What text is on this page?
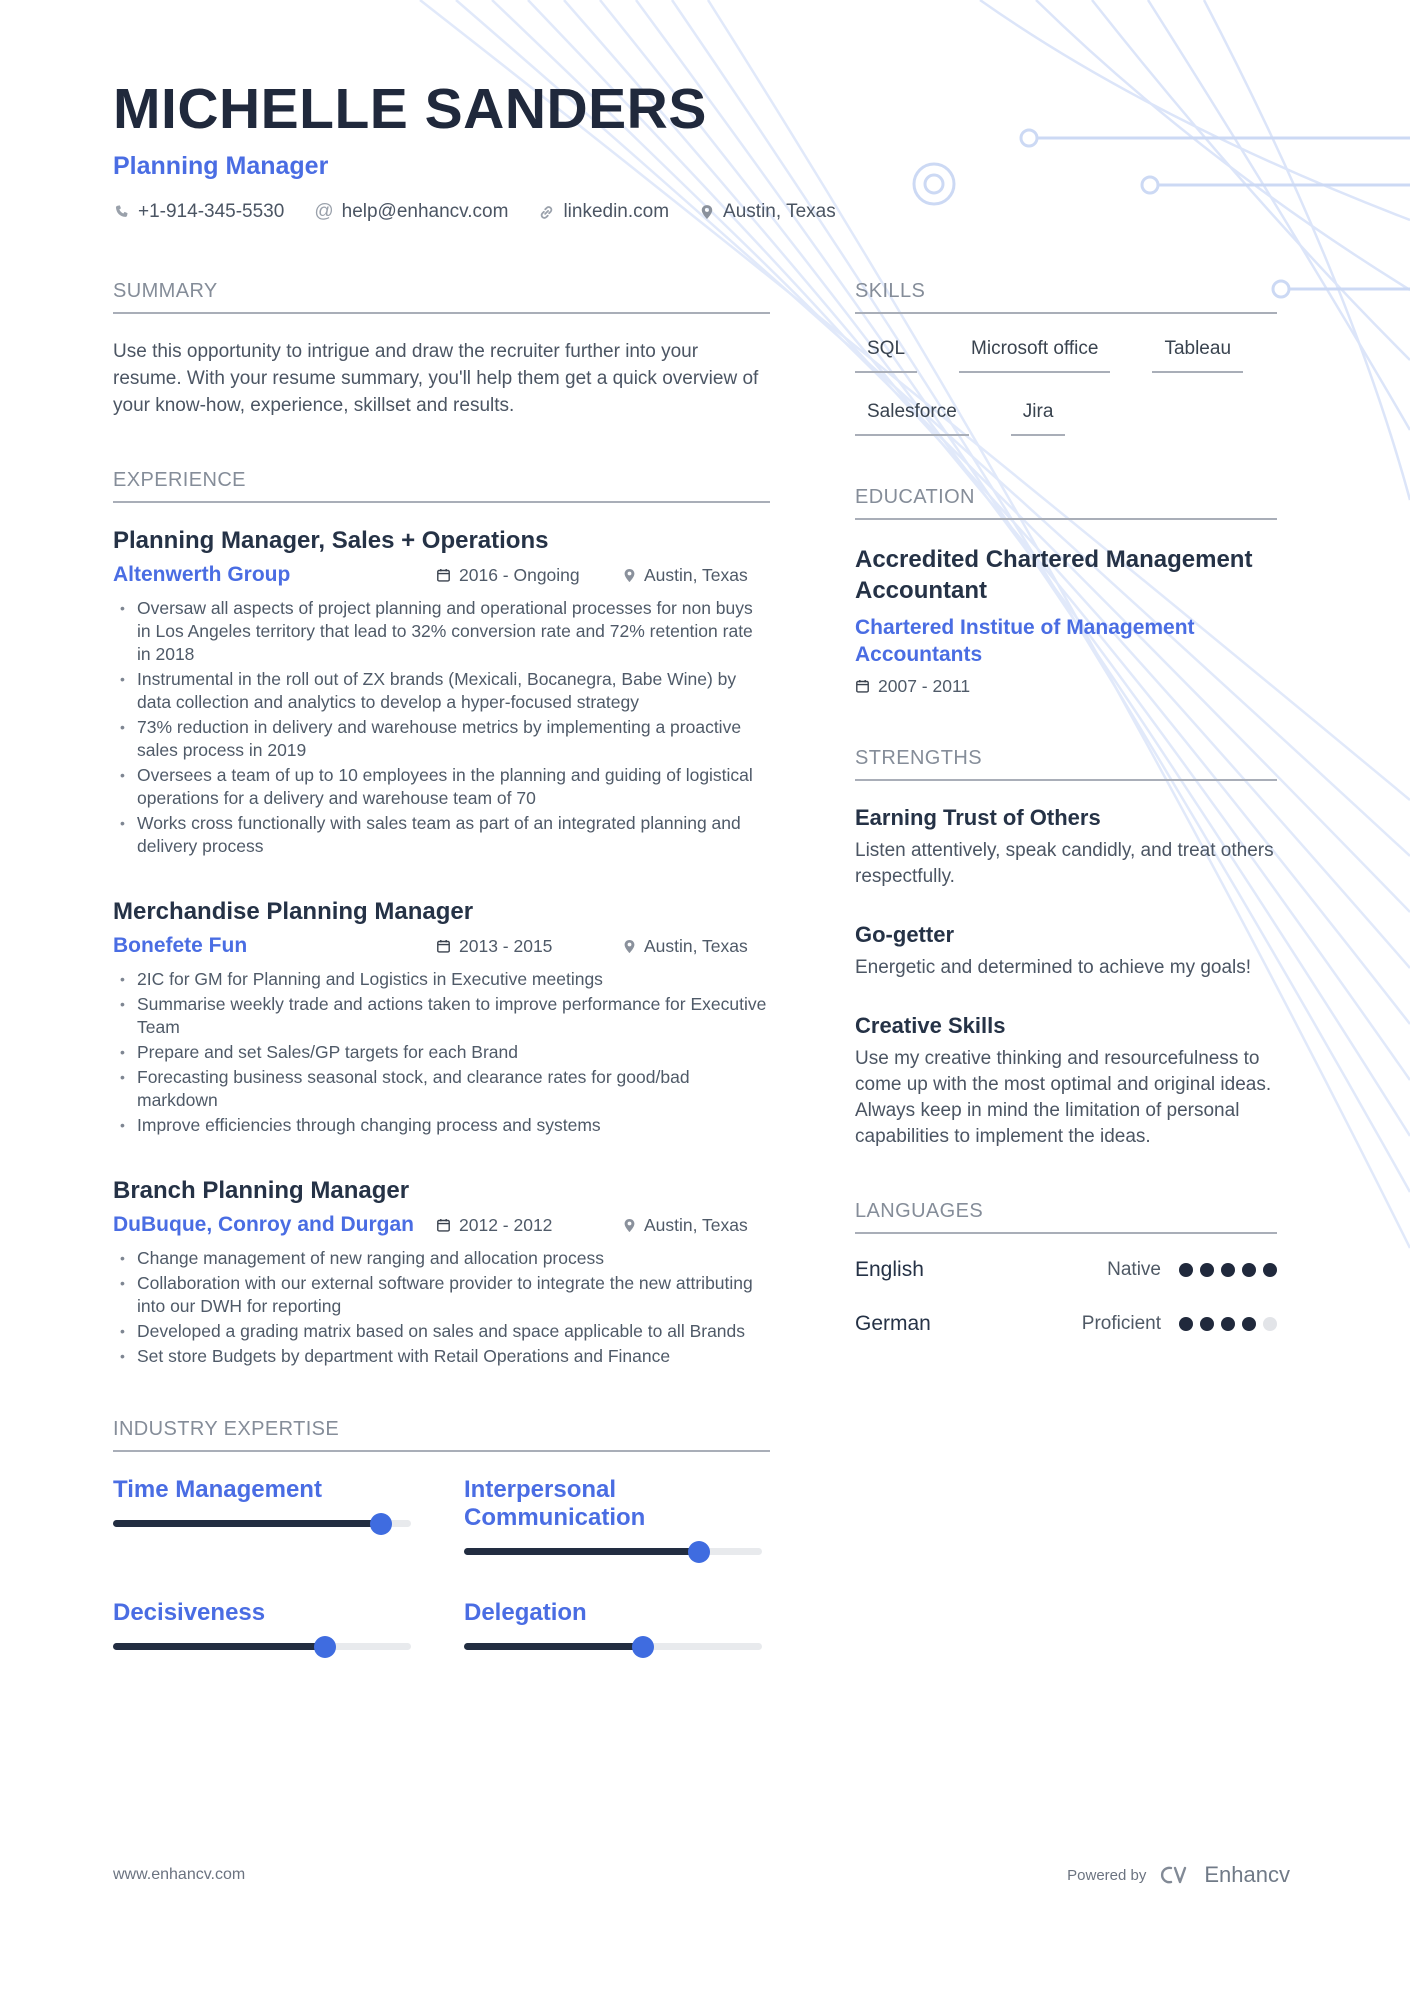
MICHELLE SANDERS
Planning Manager
+1-914-345-5530 @ help@enhancv.com	linkedin.com	Austin, Texas
SUMMARY

Use this opportunity to intrigue and draw the recruiter further into your resume. With your resume summary, you'll help them get a quick overview of your know-how, experience, skillset and results.

EXPERIENCE
Planning Manager, Sales + Operations
Altenwerth Group	2016 - Ongoing	Austin, Texas
• Oversaw all aspects of project planning and operational processes for non buys in Los Angeles territory that lead to 32% conversion rate and 72% retention rate in 2018
• Instrumental in the roll out of ZX brands (Mexicali, Bocanegra, Babe Wine) by data collection and analytics to develop a hyper-focused strategy
• 73% reduction in delivery and warehouse metrics by implementing a proactive sales process in 2019
• Oversees a team of up to 10 employees in the planning and guiding of logistical operations for a delivery and warehouse team of 70
• Works cross functionally with sales team as part of an integrated planning and delivery process
Merchandise Planning Manager
Bonefete Fun	2013 - 2015	Austin, Texas
• 2IC for GM for Planning and Logistics in Executive meetings
• Summarise weekly trade and actions taken to improve performance for Executive Team
• Prepare and set Sales/GP targets for each Brand
• Forecasting business seasonal stock, and clearance rates for good/bad markdown
• Improve efficiencies through changing process and systems
Branch Planning Manager
DuBuque, Conroy and Durgan	2012 - 2012	Austin, Texas
• Change management of new ranging and allocation process
• Collaboration with our external software provider to integrate the new attributing into our DWH for reporting
• Developed a grading matrix based on sales and space applicable to all Brands
• Set store Budgets by department with Retail Operations and Finance
INDUSTRY EXPERTISE
Time Management	Interpersonal Communication
Decisiveness	Delegation
SKILLS
SQL	Microsoft office	Tableau
Salesforce	Jira
EDUCATION
Accredited Chartered Management Accountant
Chartered Institue of Management Accountants
2007 - 2011
STRENGTHS
Earning Trust of Others
Listen attentively, speak candidly, and treat others respectfully.
Go-getter
Energetic and determined to achieve my goals!
Creative Skills
Use my creative thinking and resourcefulness to come up with the most optimal and original ideas. Always keep in mind the limitation of personal capabilities to implement the ideas.
LANGUAGES
English	Native
German	Proficient
www.enhancv.com	Powered by	Enhancv
